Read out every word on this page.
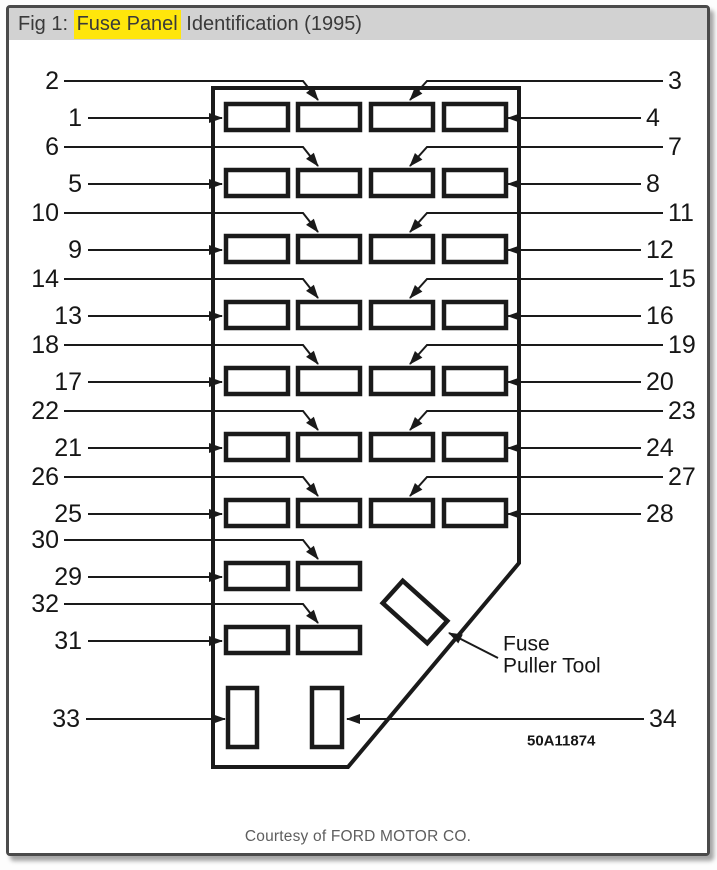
Fig 1: Fuse Panel Identification (1995)
1
2	3
4
5
6	7
8
9
10	11
12
13
14	15
16
17
18	19
20
21
22	23
24
25
26	27
28
29
30
31
32
33	34
Fuse
Puller Tool
50A11874
Courtesy of FORD MOTOR CO.
